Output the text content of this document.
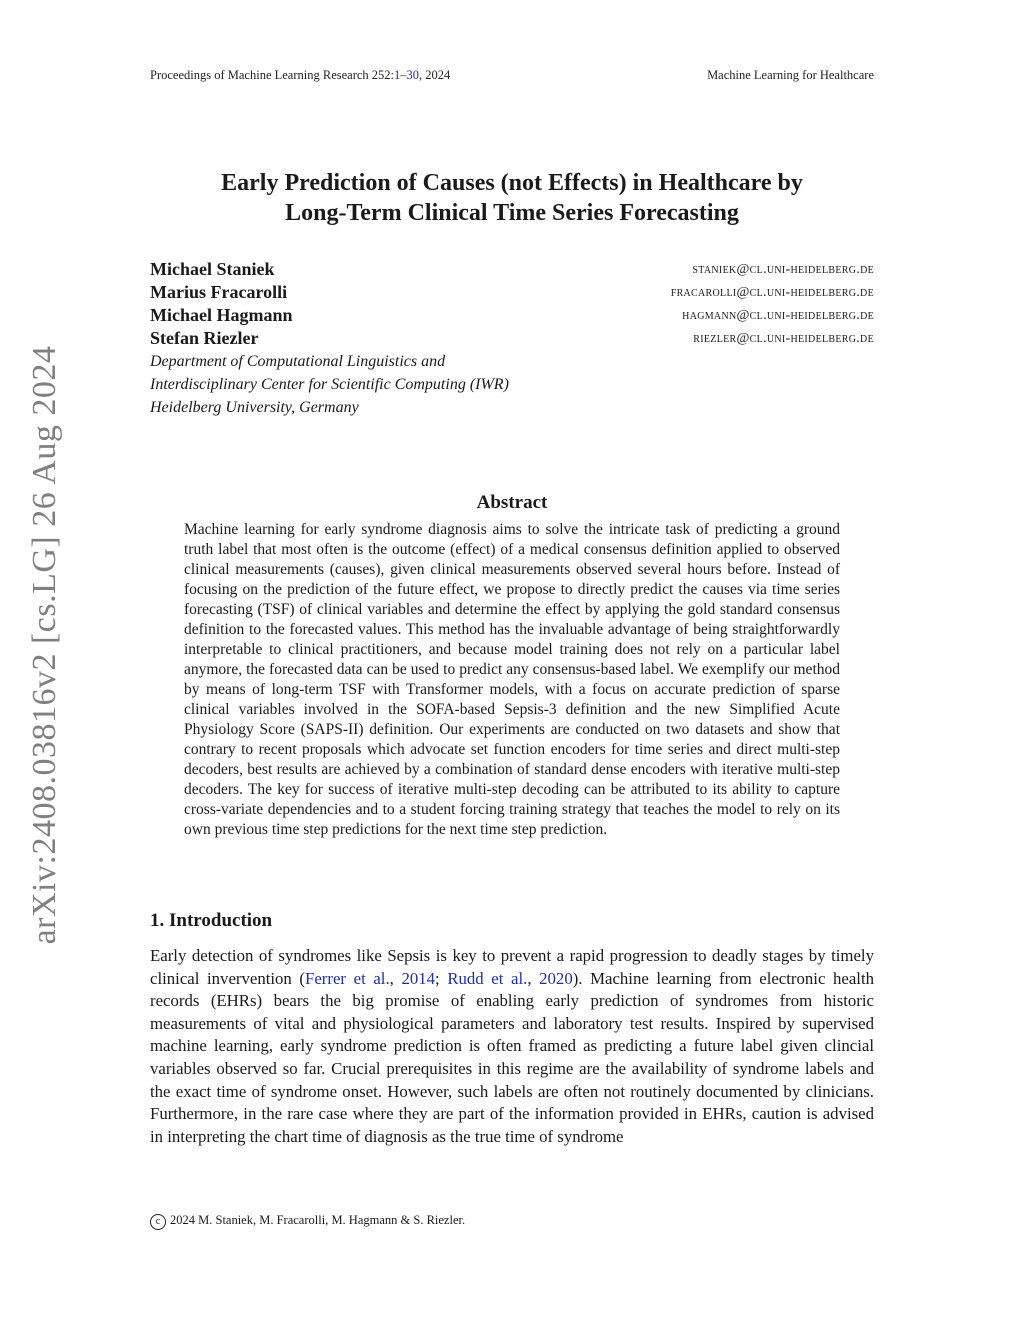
Proceedings of Machine Learning Research 252:1–30, 2024	Machine Learning for Healthcare
arXiv:2408.03816v2 [cs.LG] 26 Aug 2024
Early Prediction of Causes (not Effects) in Healthcare by
Long-Term Clinical Time Series Forecasting
Michael Staniek	staniek@cl.uni-heidelberg.de
Marius Fracarolli	fracarolli@cl.uni-heidelberg.de
Michael Hagmann	hagmann@cl.uni-heidelberg.de
Stefan Riezler	riezler@cl.uni-heidelberg.de
Department of Computational Linguistics and
Interdisciplinary Center for Scientific Computing (IWR)
Heidelberg University, Germany
Abstract
Machine learning for early syndrome diagnosis aims to solve the intricate task of predicting a ground truth label that most often is the outcome (effect) of a medical consensus definition applied to observed clinical measurements (causes), given clinical measurements observed several hours before. Instead of focusing on the prediction of the future effect, we propose to directly predict the causes via time series forecasting (TSF) of clinical variables and determine the effect by applying the gold standard consensus definition to the forecasted values. This method has the invaluable advantage of being straightforwardly interpretable to clinical practitioners, and because model training does not rely on a particular label anymore, the forecasted data can be used to predict any consensus-based label. We exemplify our method by means of long-term TSF with Transformer models, with a focus on accurate prediction of sparse clinical variables involved in the SOFA-based Sepsis-3 definition and the new Simplified Acute Physiology Score (SAPS-II) definition. Our experiments are conducted on two datasets and show that contrary to recent proposals which advocate set function encoders for time series and direct multi-step decoders, best results are achieved by a combination of standard dense encoders with iterative multi-step decoders. The key for success of iterative multi-step decoding can be attributed to its ability to capture cross-variate dependencies and to a student forcing training strategy that teaches the model to rely on its own previous time step predictions for the next time step prediction.
1. Introduction
Early detection of syndromes like Sepsis is key to prevent a rapid progression to deadly stages by timely clinical invervention (Ferrer et al., 2014; Rudd et al., 2020). Machine learning from electronic health records (EHRs) bears the big promise of enabling early prediction of syndromes from historic measurements of vital and physiological parameters and laboratory test results. Inspired by supervised machine learning, early syndrome prediction is often framed as predicting a future label given clincial variables observed so far. Crucial prerequisites in this regime are the availability of syndrome labels and the exact time of syndrome onset. However, such labels are often not routinely documented by clinicians. Furthermore, in the rare case where they are part of the information provided in EHRs, caution is advised in interpreting the chart time of diagnosis as the true time of syndrome
c 2024 M. Staniek, M. Fracarolli, M. Hagmann & S. Riezler.
